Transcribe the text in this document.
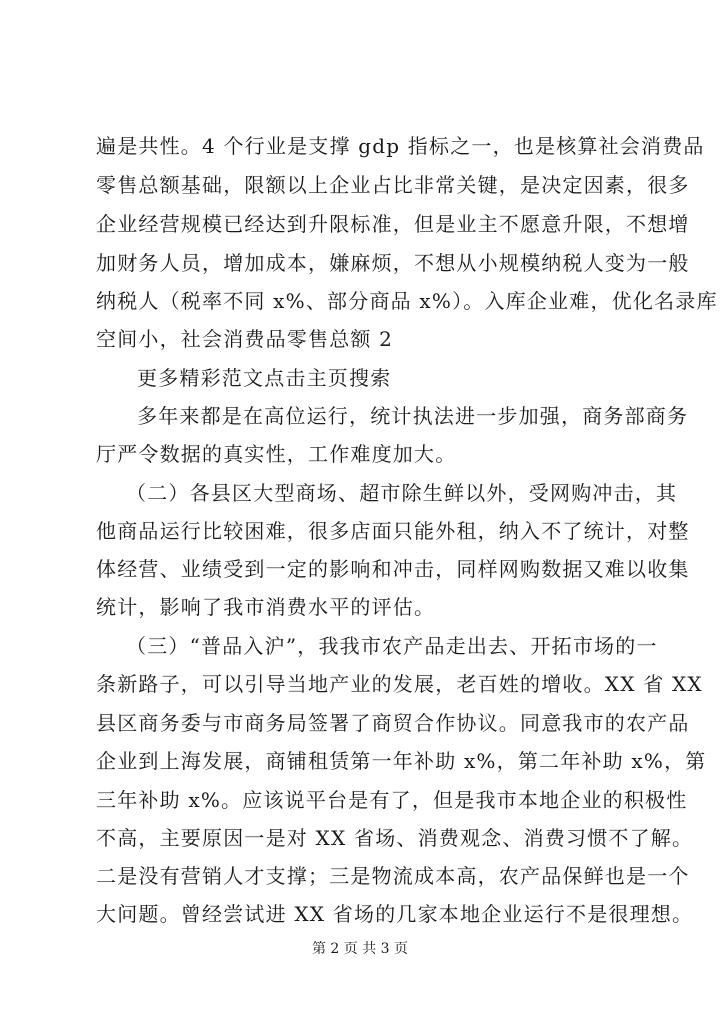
遍是共性。4 个行业是支撑 gdp 指标之一，也是核算社会消费品
零售总额基础，限额以上企业占比非常关键，是决定因素，很多
企业经营规模已经达到升限标准，但是业主不愿意升限，不想增
加财务人员，增加成本，嫌麻烦，不想从小规模纳税人变为一般
纳税人（税率不同 x%、部分商品 x%）。入库企业难，优化名录库
空间小，社会消费品零售总额 2
更多精彩范文点击主页搜索
多年来都是在高位运行，统计执法进一步加强，商务部商务
厅严令数据的真实性，工作难度加大。
（二）各县区大型商场、超市除生鲜以外，受网购冲击，其
他商品运行比较困难，很多店面只能外租，纳入不了统计，对整
体经营、业绩受到一定的影响和冲击，同样网购数据又难以收集
统计，影响了我市消费水平的评估。
（三）“普品入沪”，我我市农产品走出去、开拓市场的一
条新路子，可以引导当地产业的发展，老百姓的增收。XX 省 XX
县区商务委与市商务局签署了商贸合作协议。同意我市的农产品
企业到上海发展，商铺租赁第一年补助 x%，第二年补助 x%，第
三年补助 x%。应该说平台是有了，但是我市本地企业的积极性
不高，主要原因一是对 XX 省场、消费观念、消费习惯不了解。
二是没有营销人才支撑；三是物流成本高，农产品保鲜也是一个
大问题。曾经尝试进 XX 省场的几家本地企业运行不是很理想。
第 2 页 共 3 页
